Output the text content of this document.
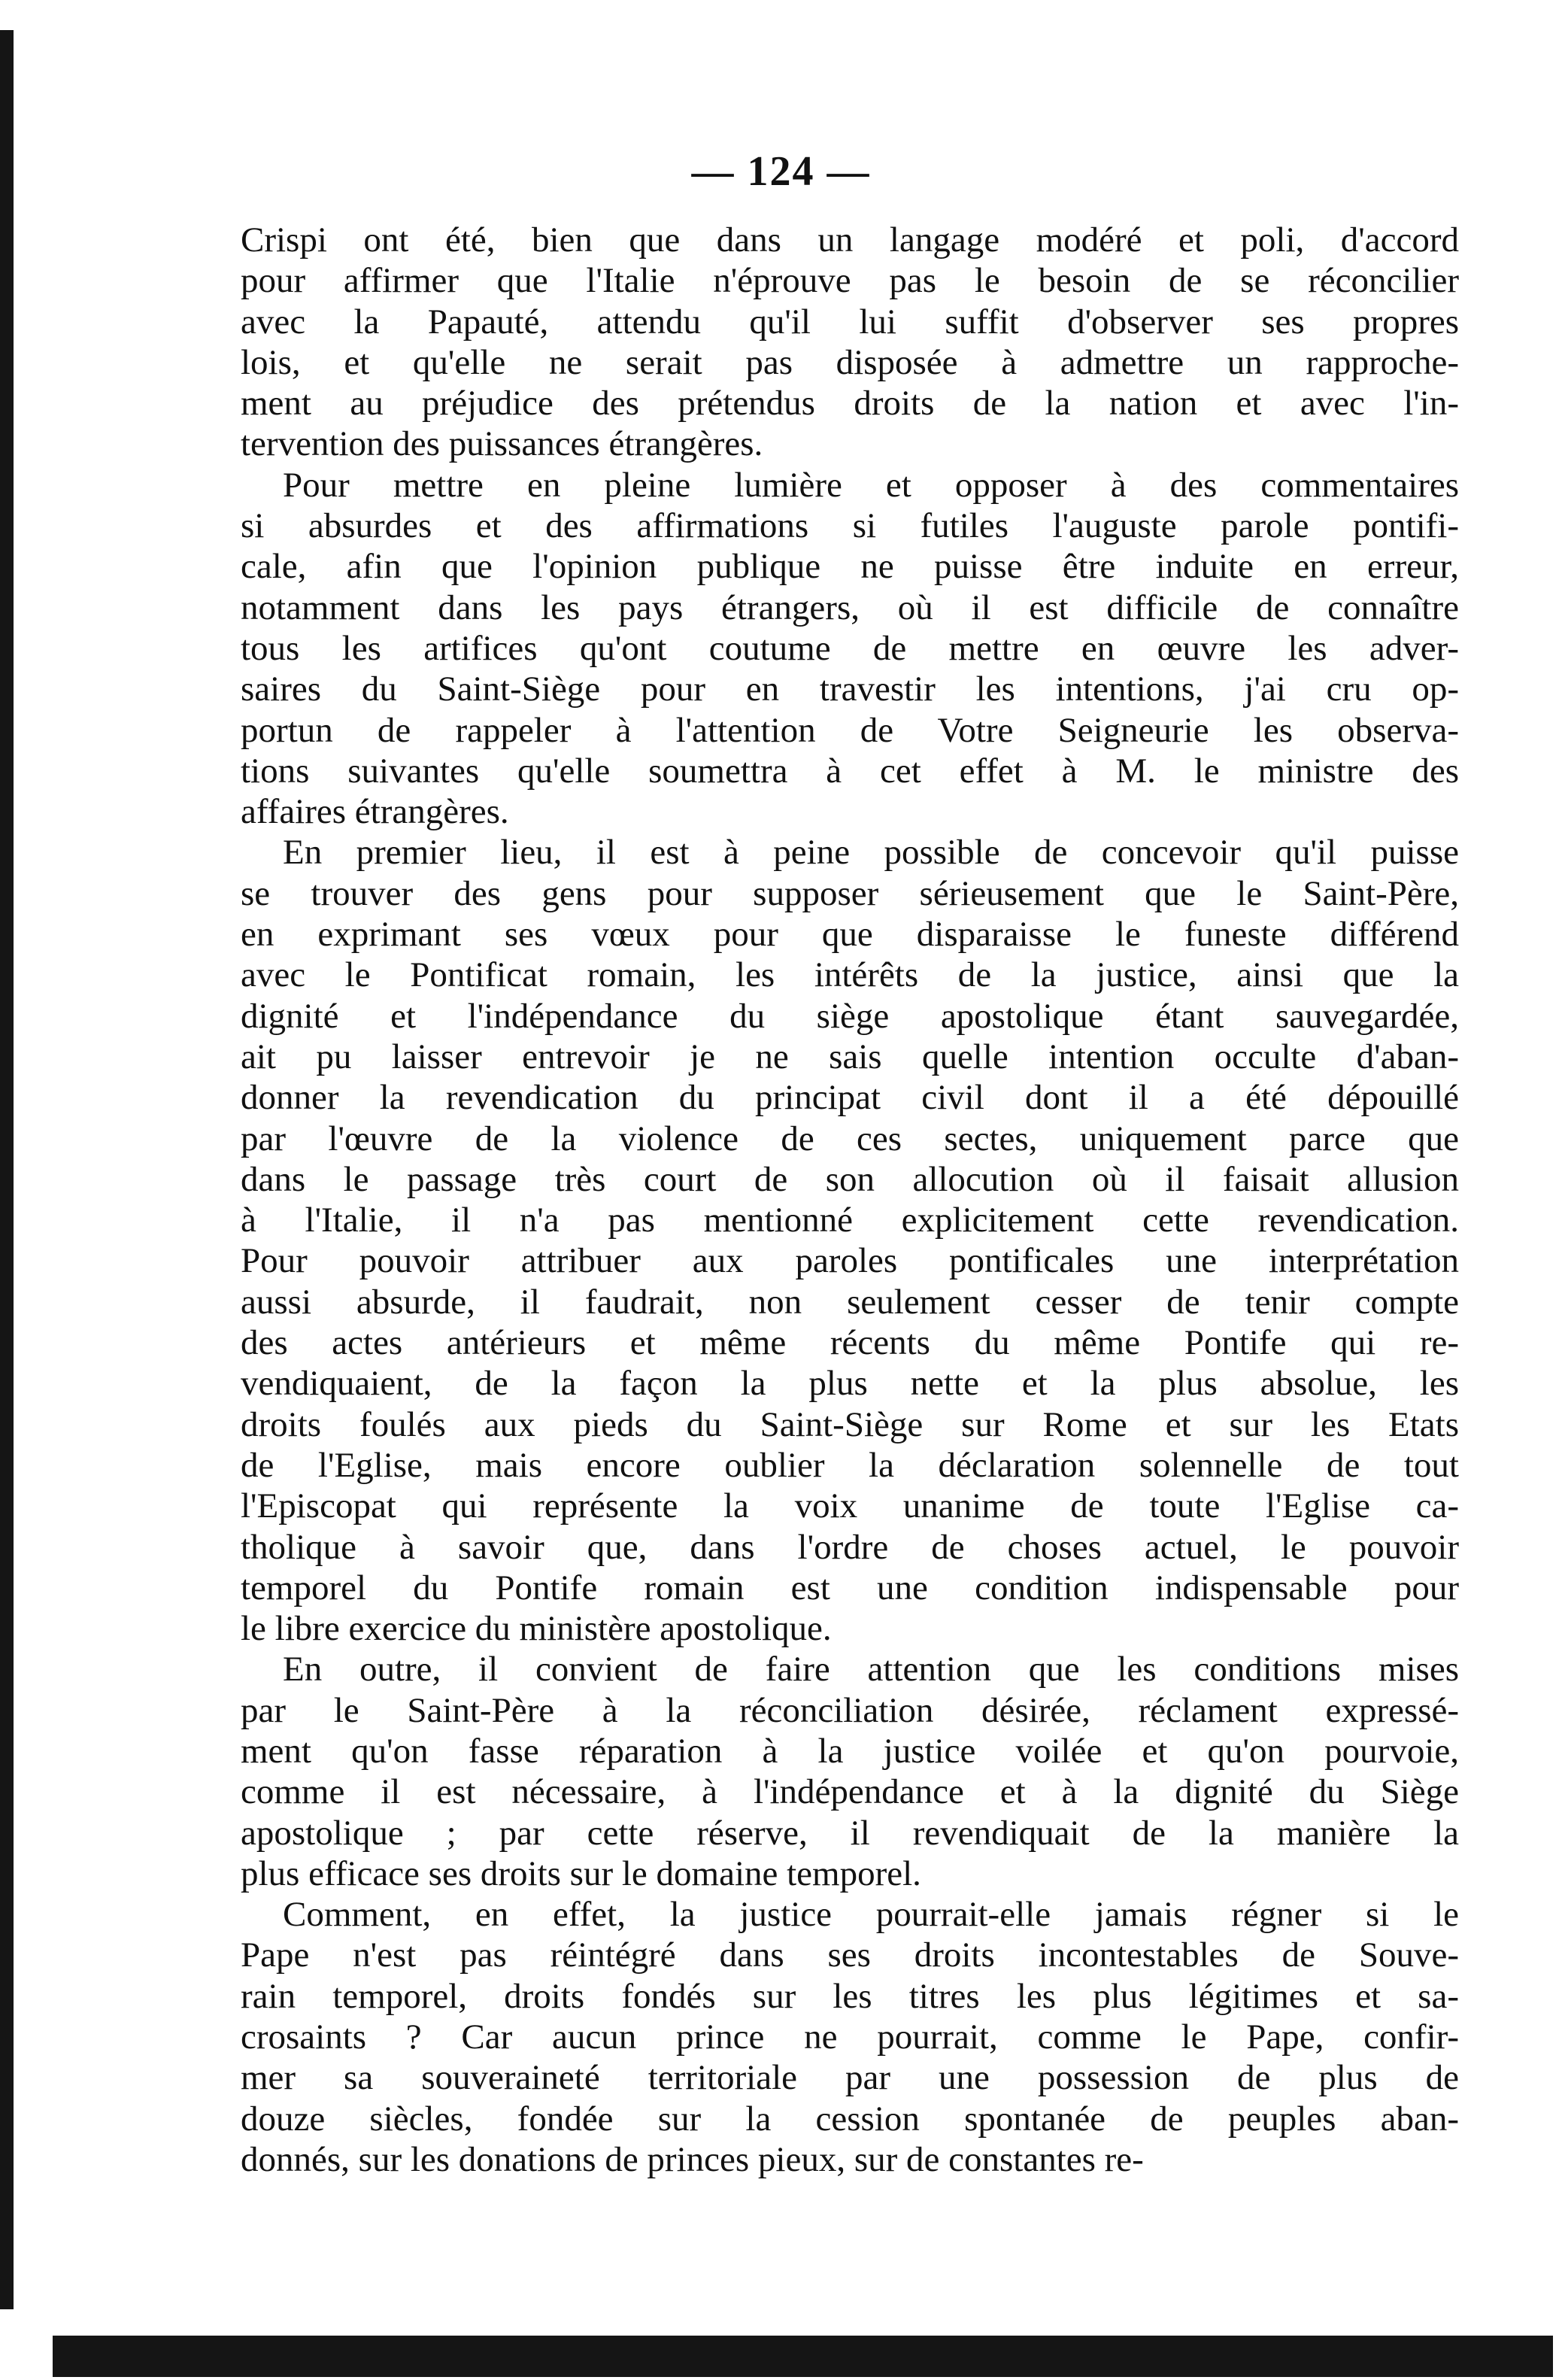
— 124 —

Crispi ont été, bien que dans un langage modéré et poli, d'accord
pour affirmer que l'Italie n'éprouve pas le besoin de se réconcilier
avec la Papauté, attendu qu'il lui suffit d'observer ses propres
lois, et qu'elle ne serait pas disposée à admettre un rapproche-
ment au préjudice des prétendus droits de la nation et avec l'in-
tervention des puissances étrangères.

Pour mettre en pleine lumière et opposer à des commentaires
si absurdes et des affirmations si futiles l'auguste parole pontifi-
cale, afin que l'opinion publique ne puisse être induite en erreur,
notamment dans les pays étrangers, où il est difficile de connaître
tous les artifices qu'ont coutume de mettre en œuvre les adver-
saires du Saint-Siège pour en travestir les intentions, j'ai cru op-
portun de rappeler à l'attention de Votre Seigneurie les observa-
tions suivantes qu'elle soumettra à cet effet à M. le ministre des
affaires étrangères.

En premier lieu, il est à peine possible de concevoir qu'il puisse
se trouver des gens pour supposer sérieusement que le Saint-Père,
en exprimant ses vœux pour que disparaisse le funeste différend
avec le Pontificat romain, les intérêts de la justice, ainsi que la
dignité et l'indépendance du siège apostolique étant sauvegardée,
ait pu laisser entrevoir je ne sais quelle intention occulte d'aban-
donner la revendication du principat civil dont il a été dépouillé
par l'œuvre de la violence de ces sectes, uniquement parce que
dans le passage très court de son allocution où il faisait allusion
à l'Italie, il n'a pas mentionné explicitement cette revendication.
Pour pouvoir attribuer aux paroles pontificales une interprétation
aussi absurde, il faudrait, non seulement cesser de tenir compte
des actes antérieurs et même récents du même Pontife qui re-
vendiquaient, de la façon la plus nette et la plus absolue, les
droits foulés aux pieds du Saint-Siège sur Rome et sur les Etats
de l'Eglise, mais encore oublier la déclaration solennelle de tout
l'Episcopat qui représente la voix unanime de toute l'Eglise ca-
tholique à savoir que, dans l'ordre de choses actuel, le pouvoir
temporel du Pontife romain est une condition indispensable pour
le libre exercice du ministère apostolique.

En outre, il convient de faire attention que les conditions mises
par le Saint-Père à la réconciliation désirée, réclament expressé-
ment qu'on fasse réparation à la justice voilée et qu'on pourvoie,
comme il est nécessaire, à l'indépendance et à la dignité du Siège
apostolique ; par cette réserve, il revendiquait de la manière la
plus efficace ses droits sur le domaine temporel.

Comment, en effet, la justice pourrait-elle jamais régner si le
Pape n'est pas réintégré dans ses droits incontestables de Souve-
rain temporel, droits fondés sur les titres les plus légitimes et sa-
crosaints ? Car aucun prince ne pourrait, comme le Pape, confir-
mer sa souveraineté territoriale par une possession de plus de
douze siècles, fondée sur la cession spontanée de peuples aban-
donnés, sur les donations de princes pieux, sur de constantes re-
